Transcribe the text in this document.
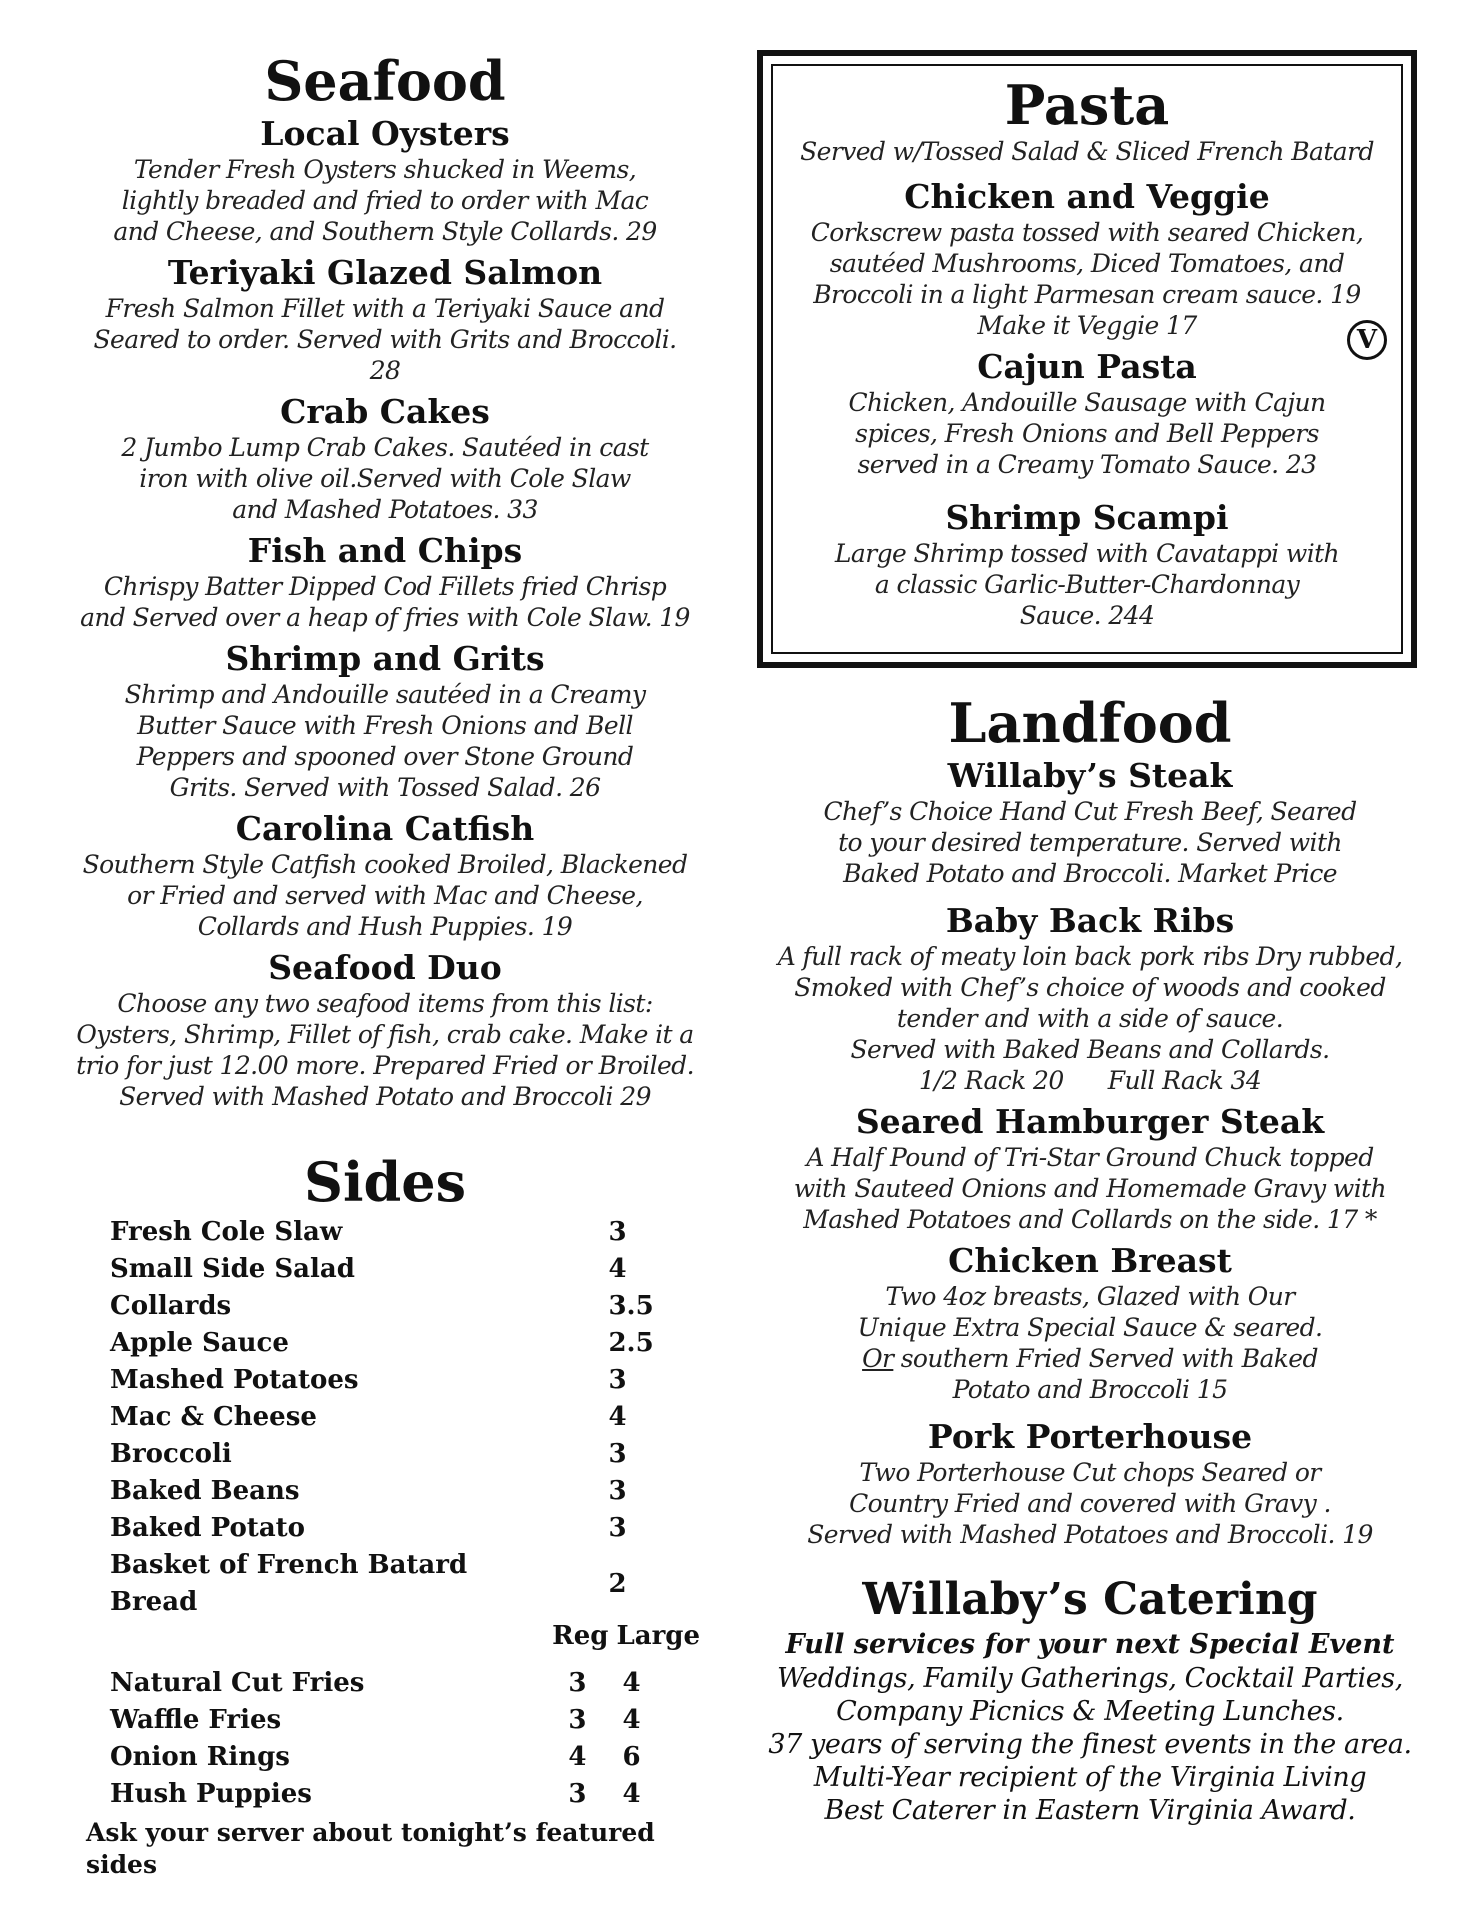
Seafood
Local Oysters
Tender Fresh Oysters shucked in Weems, lightly breaded and fried to order with Mac and Cheese, and Southern Style Collards. 29
Teriyaki Glazed Salmon
Fresh Salmon Fillet with a Teriyaki Sauce and Seared to order. Served with Grits and Broccoli. 28
Crab Cakes
2 Jumbo Lump Crab Cakes. Sautéed in cast iron with olive oil.Served with Cole Slaw and Mashed Potatoes. 33
Fish and Chips
Chrispy Batter Dipped Cod Fillets fried Chrisp and Served over a heap of fries with Cole Slaw. 19
Shrimp and Grits
Shrimp and Andouille sautéed in a Creamy Butter Sauce with Fresh Onions and Bell Peppers and spooned over Stone Ground Grits. Served with Tossed Salad. 26
Carolina Catfish
Southern Style Catfish cooked Broiled, Blackened or Fried and served with Mac and Cheese, Collards and Hush Puppies. 19
Seafood Duo
Choose any two seafood items from this list: Oysters, Shrimp, Fillet of fish, crab cake. Make it a trio for just 12.00 more. Prepared Fried or Broiled. Served with Mashed Potato and Broccoli 29
Sides
Fresh Cole Slaw		3
Small Side Salad		4
Collards		3.5
Apple Sauce		2.5
Mashed Potatoes		3
Mac & Cheese		4
Broccoli		3
Baked Beans		3
Baked Potato		3
Basket of French Batard Bread		2
	Reg	Large

Natural Cut Fries	3	4
Waffle Fries	3	4
Onion Rings	4	6
Hush Puppies	3	4
Ask your server about tonight’s featured sides
Pasta
Served w/Tossed Salad & Sliced French Batard
Chicken and Veggie
Corkscrew pasta tossed with seared Chicken, sautéed Mushrooms, Diced Tomatoes, and Broccoli in a light Parmesan cream sauce. 19
Make it Veggie 17
Cajun Pasta
Chicken, Andouille Sausage with Cajun spices, Fresh Onions and Bell Peppers served in a Creamy Tomato Sauce. 23
Shrimp Scampi
Large Shrimp tossed with Cavatappi with a classic Garlic-Butter-Chardonnay Sauce. 244
V
Landfood
Willaby’s Steak
Chef’s Choice Hand Cut Fresh Beef, Seared to your desired temperature. Served with Baked Potato and Broccoli. Market Price
Baby Back Ribs
A full rack of meaty loin back pork ribs Dry rubbed, Smoked with Chef’s choice of woods and cooked tender and with a side of sauce.
Served with Baked Beans and Collards.
1/2 Rack 20      Full Rack 34
Seared Hamburger Steak
A Half Pound of Tri-Star Ground Chuck topped with Sauteed Onions and Homemade Gravy with Mashed Potatoes and Collards on the side. 17 *
Chicken Breast
Two 4oz breasts, Glazed with Our Unique Extra Special Sauce & seared. Or southern Fried Served with Baked Potato and Broccoli 15
Pork Porterhouse
Two Porterhouse Cut chops Seared or Country Fried and covered with Gravy .
Served with Mashed Potatoes and Broccoli. 19
Willaby’s Catering
Full services for your next Special Event
Weddings, Family Gatherings, Cocktail Parties,
Company Picnics & Meeting Lunches.
37 years of serving the finest events in the area.
Multi-Year recipient of the Virginia Living
Best Caterer in Eastern Virginia Award.
